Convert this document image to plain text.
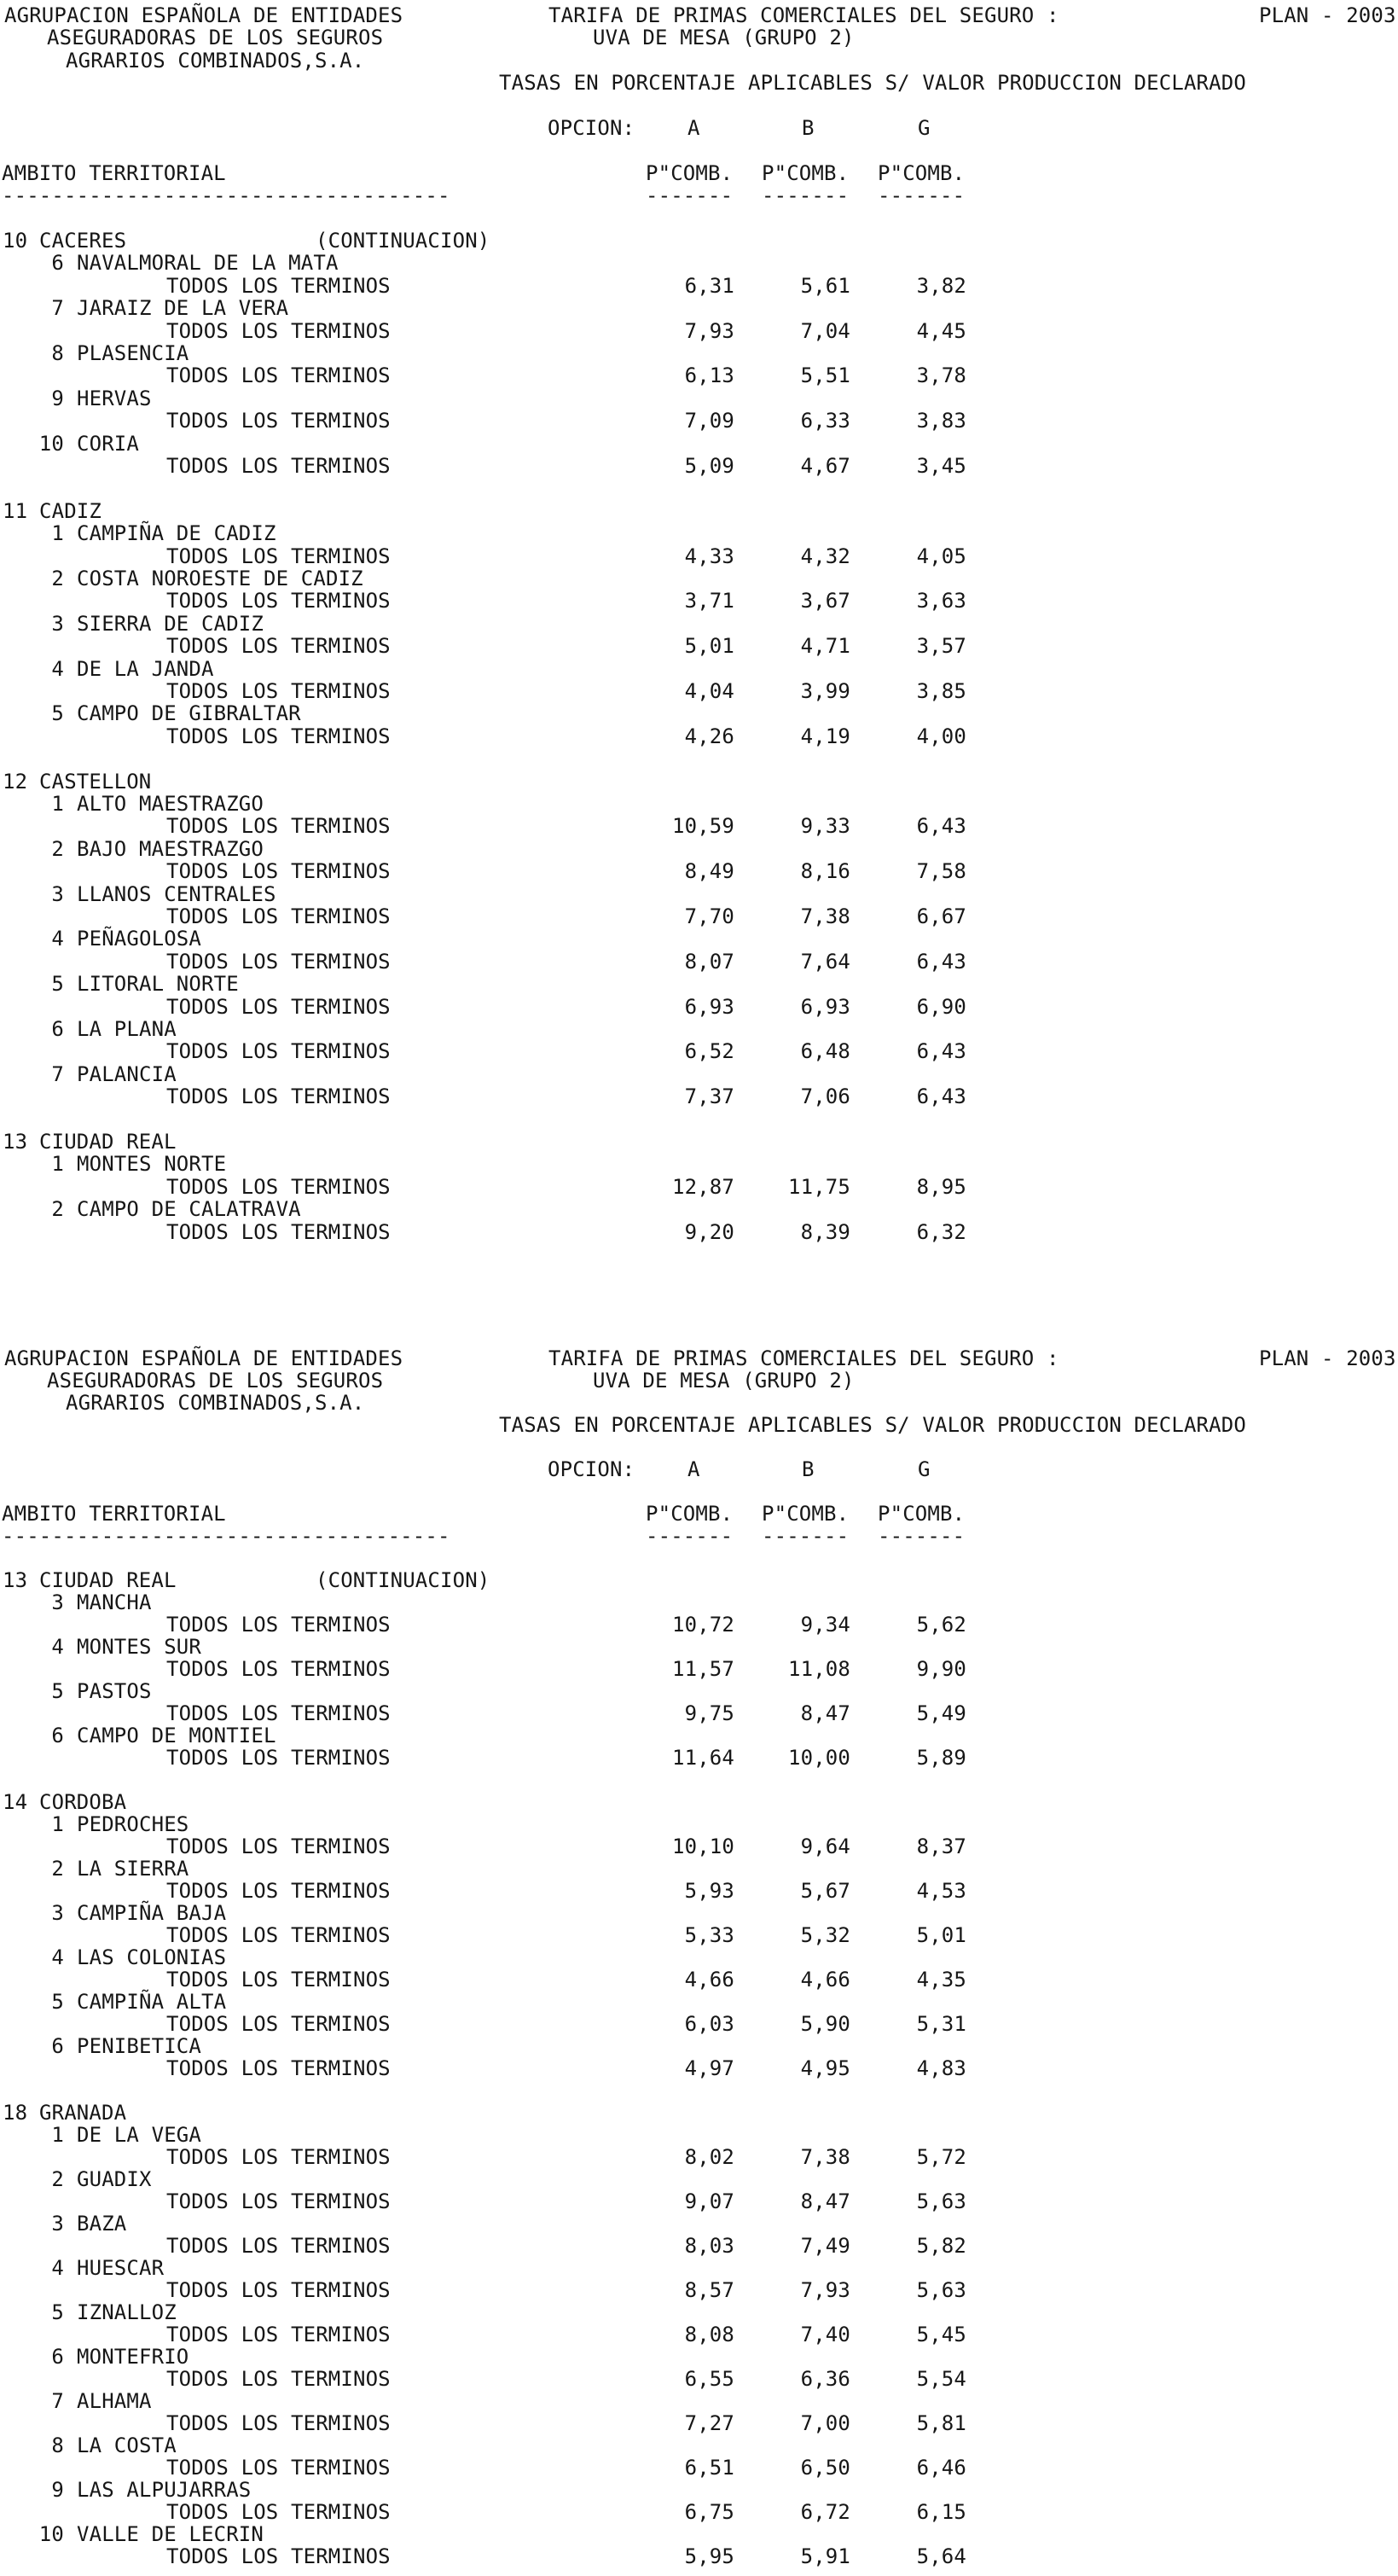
AGRUPACION ESPAÑOLA DE ENTIDADES	TARIFA DE PRIMAS COMERCIALES DEL SEGURO :	PLAN - 2003
ASEGURADORAS DE LOS SEGUROS	UVA DE MESA (GRUPO 2)
AGRARIOS COMBINADOS,S.A.
TASAS EN PORCENTAJE APLICABLES S/ VALOR PRODUCCION DECLARADO
OPCION:	A	B	G
AMBITO TERRITORIAL	P"COMB. P"COMB. P"COMB.
------------------------------------	------- ------- -------
10 CACERES	(CONTINUACION)
6 NAVALMORAL DE LA MATA
TODOS LOS TERMINOS	6,31	5,61	3,82
7 JARAIZ DE LA VERA
TODOS LOS TERMINOS	7,93	7,04	4,45
8 PLASENCIA
TODOS LOS TERMINOS	6,13	5,51	3,78
9 HERVAS
TODOS LOS TERMINOS	7,09	6,33	3,83
10 CORIA
TODOS LOS TERMINOS	5,09	4,67	3,45
11 CADIZ
1 CAMPIÑA DE CADIZ
TODOS LOS TERMINOS	4,33	4,32	4,05
2 COSTA NOROESTE DE CADIZ
TODOS LOS TERMINOS	3,71	3,67	3,63
3 SIERRA DE CADIZ
TODOS LOS TERMINOS	5,01	4,71	3,57
4 DE LA JANDA
TODOS LOS TERMINOS	4,04	3,99	3,85
5 CAMPO DE GIBRALTAR
TODOS LOS TERMINOS	4,26	4,19	4,00
12 CASTELLON
1 ALTO MAESTRAZGO
TODOS LOS TERMINOS	10,59	9,33	6,43
2 BAJO MAESTRAZGO
TODOS LOS TERMINOS	8,49	8,16	7,58
3 LLANOS CENTRALES
TODOS LOS TERMINOS	7,70	7,38	6,67
4 PEÑAGOLOSA
TODOS LOS TERMINOS	8,07	7,64	6,43
5 LITORAL NORTE
TODOS LOS TERMINOS	6,93	6,93	6,90
6 LA PLANA
TODOS LOS TERMINOS	6,52	6,48	6,43
7 PALANCIA
TODOS LOS TERMINOS	7,37	7,06	6,43
13 CIUDAD REAL
1 MONTES NORTE
TODOS LOS TERMINOS	12,87	11,75	8,95
2 CAMPO DE CALATRAVA
TODOS LOS TERMINOS	9,20	8,39	6,32
AGRUPACION ESPAÑOLA DE ENTIDADES	TARIFA DE PRIMAS COMERCIALES DEL SEGURO :	PLAN - 2003
ASEGURADORAS DE LOS SEGUROS	UVA DE MESA (GRUPO 2)
AGRARIOS COMBINADOS,S.A.
TASAS EN PORCENTAJE APLICABLES S/ VALOR PRODUCCION DECLARADO
OPCION:	A	B	G
AMBITO TERRITORIAL	P"COMB. P"COMB. P"COMB.
------------------------------------	------- ------- -------
13 CIUDAD REAL	(CONTINUACION)
3 MANCHA
TODOS LOS TERMINOS	10,72	9,34	5,62
4 MONTES SUR
TODOS LOS TERMINOS	11,57	11,08	9,90
5 PASTOS
TODOS LOS TERMINOS	9,75	8,47	5,49
6 CAMPO DE MONTIEL
TODOS LOS TERMINOS	11,64	10,00	5,89
14 CORDOBA
1 PEDROCHES
TODOS LOS TERMINOS	10,10	9,64	8,37
2 LA SIERRA
TODOS LOS TERMINOS	5,93	5,67	4,53
3 CAMPIÑA BAJA
TODOS LOS TERMINOS	5,33	5,32	5,01
4 LAS COLONIAS
TODOS LOS TERMINOS	4,66	4,66	4,35
5 CAMPIÑA ALTA
TODOS LOS TERMINOS	6,03	5,90	5,31
6 PENIBETICA
TODOS LOS TERMINOS	4,97	4,95	4,83
18 GRANADA
1 DE LA VEGA
TODOS LOS TERMINOS	8,02	7,38	5,72
2 GUADIX
TODOS LOS TERMINOS	9,07	8,47	5,63
3 BAZA
TODOS LOS TERMINOS	8,03	7,49	5,82
4 HUESCAR
TODOS LOS TERMINOS	8,57	7,93	5,63
5 IZNALLOZ
TODOS LOS TERMINOS	8,08	7,40	5,45
6 MONTEFRIO
TODOS LOS TERMINOS	6,55	6,36	5,54
7 ALHAMA
TODOS LOS TERMINOS	7,27	7,00	5,81
8 LA COSTA
TODOS LOS TERMINOS	6,51	6,50	6,46
9 LAS ALPUJARRAS
TODOS LOS TERMINOS	6,75	6,72	6,15
10 VALLE DE LECRIN
TODOS LOS TERMINOS	5,95	5,91	5,64
